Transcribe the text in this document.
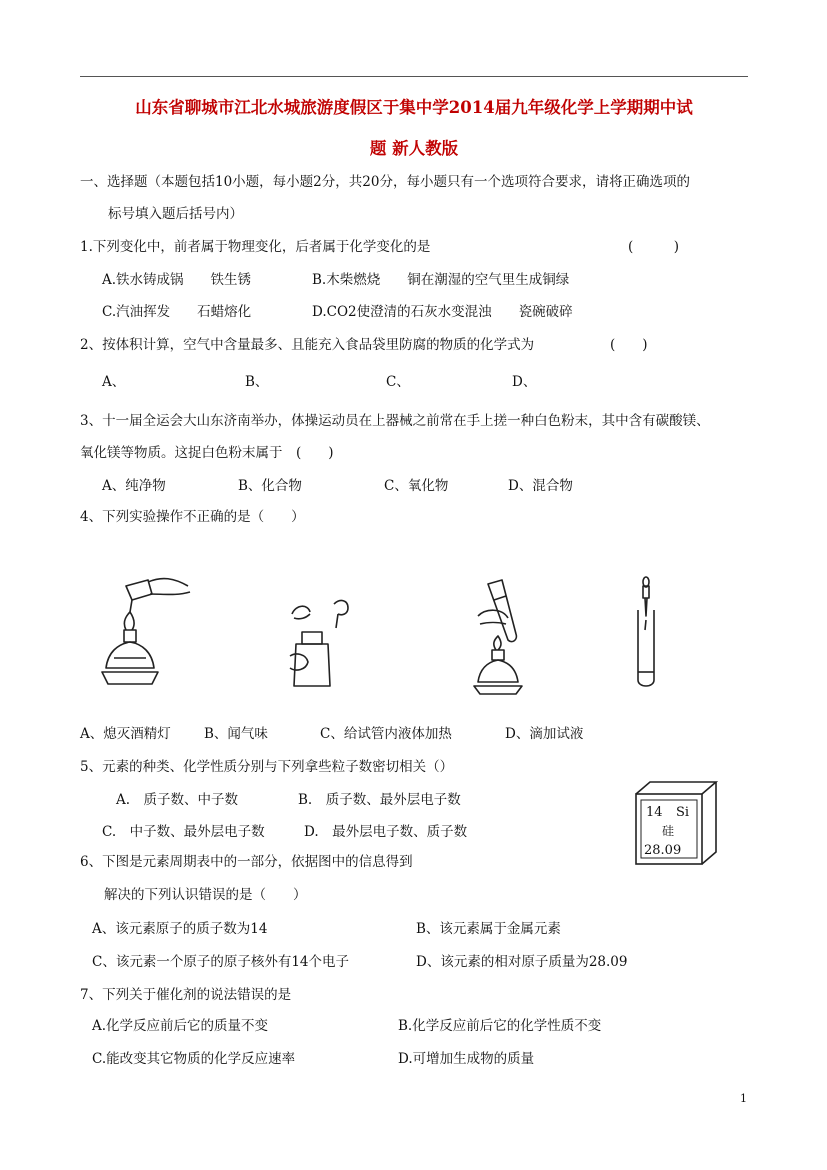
山东省聊城市江北水城旅游度假区于集中学2014届九年级化学上学期期中试
题 新人教版
一、选择题（本题包括10小题，每小题2分，共20分，每小题只有一个选项符合要求，请将正确选项的
标号填入题后括号内）
1.下列变化中，前者属于物理变化，后者属于化学变化的是	(　　　)
A.铁水铸成锅　　铁生锈	B.木柴燃烧　　铜在潮湿的空气里生成铜绿
C.汽油挥发　　石蜡熔化	D.CO2使澄清的石灰水变混浊　　瓷碗破碎
2、按体积计算，空气中含量最多、且能充入食品袋里防腐的物质的化学式为	(　　)
A、	B、	C、	D、
3、十一届全运会大山东济南举办，体操运动员在上器械之前常在手上搓一种白色粉末，其中含有碳酸镁、
氧化镁等物质。这捉白色粉末属于　(　　)
A、纯净物	B、化合物	C、氧化物	D、混合物
4、下列实验操作不正确的是（　　）
A、熄灭酒精灯 B、闻气味	C、给试管内液体加热	D、滴加试液
5、元素的种类、化学性质分别与下列拿些粒子数密切相关（）
A.　质子数、中子数	B.　质子数、最外层电子数
C.　中子数、最外层电子数	D.　最外层电子数、质子数
14 Si
硅
28.09
6、下图是元素周期表中的一部分，依据图中的信息得到
解决的下列认识错误的是（　　）
A、该元素原子的质子数为14	B、该元素属于金属元素
C、该元素一个原子的原子核外有14个电子	D、该元素的相对原子质量为28.09
7、下列关于催化剂的说法错误的是
A.化学反应前后它的质量不变	B.化学反应前后它的化学性质不变
C.能改变其它物质的化学反应速率	D.可增加生成物的质量
1
